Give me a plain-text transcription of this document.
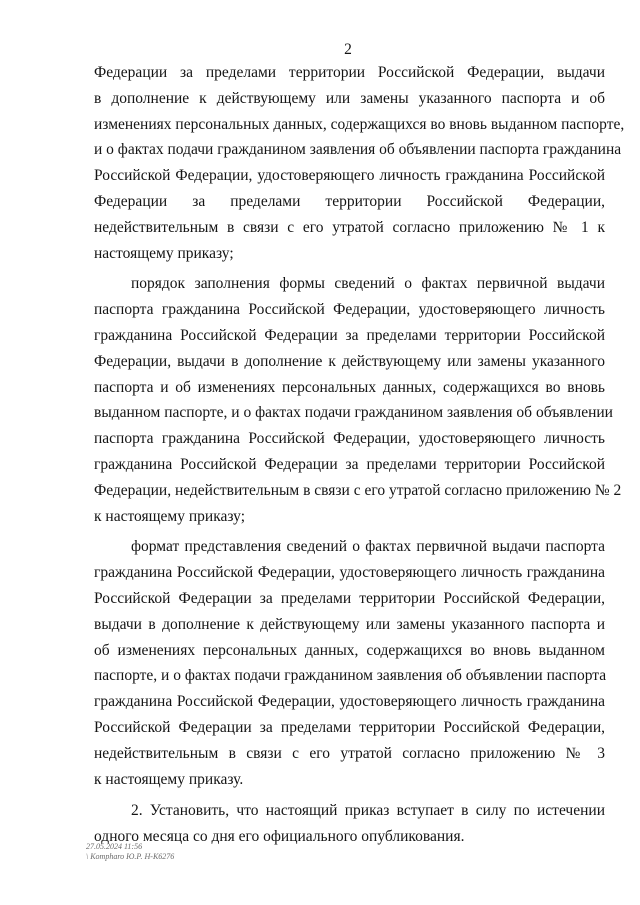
2

Федерации за пределами территории Российской Федерации, выдачи
в дополнение к действующему или замены указанного паспорта и об
изменениях персональных данных, содержащихся во вновь выданном паспорте,
и о фактах подачи гражданином заявления об объявлении паспорта гражданина
Российской Федерации, удостоверяющего личность гражданина Российской
Федерации за пределами территории Российской Федерации,
недействительным в связи с его утратой согласно приложению № 1 к
настоящему приказу;

порядок заполнения формы сведений о фактах первичной выдачи
паспорта гражданина Российской Федерации, удостоверяющего личность
гражданина Российской Федерации за пределами территории Российской
Федерации, выдачи в дополнение к действующему или замены указанного
паспорта и об изменениях персональных данных, содержащихся во вновь
выданном паспорте, и о фактах подачи гражданином заявления об объявлении
паспорта гражданина Российской Федерации, удостоверяющего личность
гражданина Российской Федерации за пределами территории Российской
Федерации, недействительным в связи с его утратой согласно приложению № 2
к настоящему приказу;

формат представления сведений о фактах первичной выдачи паспорта
гражданина Российской Федерации, удостоверяющего личность гражданина
Российской Федерации за пределами территории Российской Федерации,
выдачи в дополнение к действующему или замены указанного паспорта и
об изменениях персональных данных, содержащихся во вновь выданном
паспорте, и о фактах подачи гражданином заявления об объявлении паспорта
гражданина Российской Федерации, удостоверяющего личность гражданина
Российской Федерации за пределами территории Российской Федерации,
недействительным в связи с его утратой согласно приложению № 3
к настоящему приказу.

2. Установить, что настоящий приказ вступает в силу по истечении
одного месяца со дня его официального опубликования.

27.05.2024 11:56
\ Kompharo Ю.Р. H-K6276
